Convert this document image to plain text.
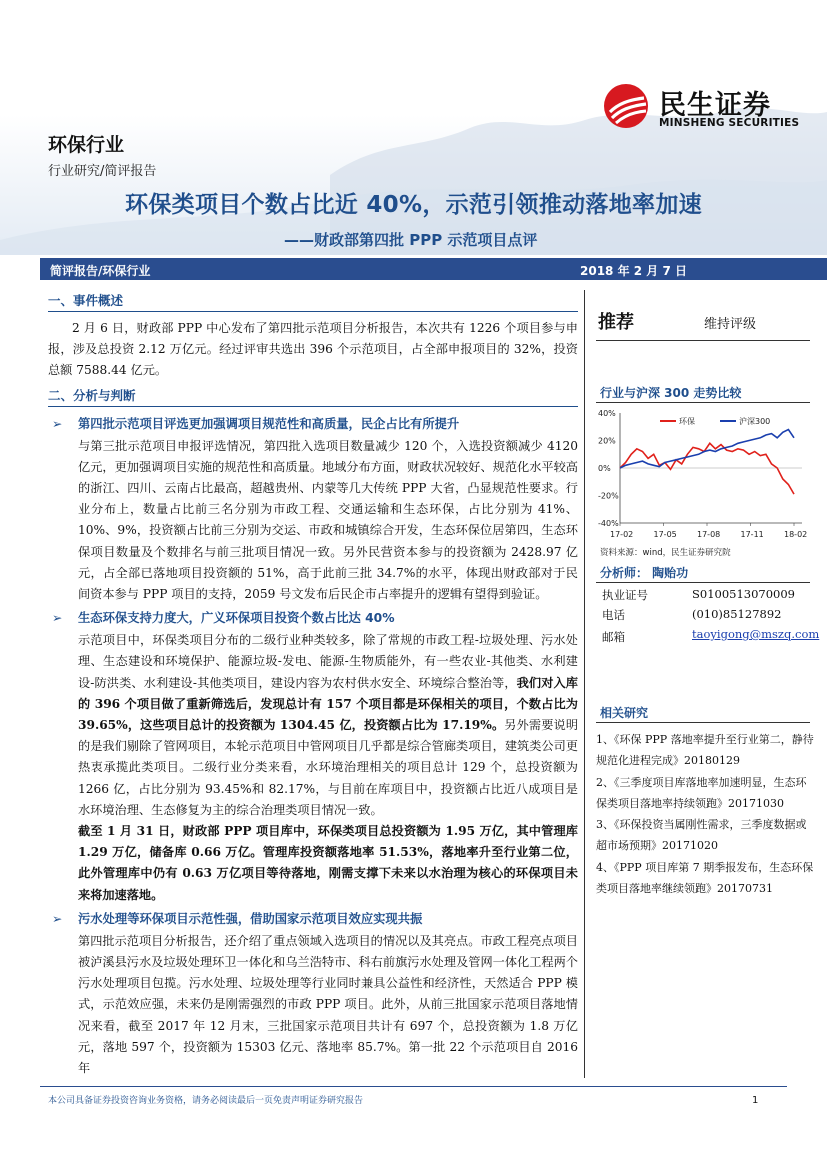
民生证券
MINSHENG SECURITIES
环保行业
行业研究/简评报告
环保类项目个数占比近 40%，示范引领推动落地率加速
——财政部第四批 PPP 示范项目点评
简评报告/环保行业	2018 年 2 月 7 日
一、事件概述
2 月 6 日，财政部 PPP 中心发布了第四批示范项目分析报告，本次共有 1226 个项目参与申报，涉及总投资 2.12 万亿元。经过评审共选出 396 个示范项目，占全部申报项目的 32%，投资总额 7588.44 亿元。
二、分析与判断
➢ 第四批示范项目评选更加强调项目规范性和高质量，民企占比有所提升
与第三批示范项目申报评选情况，第四批入选项目数量减少 120 个，入选投资额减少 4120 亿元，更加强调项目实施的规范性和高质量。地域分布方面，财政状况较好、规范化水平较高的浙江、四川、云南占比最高，超越贵州、内蒙等几大传统 PPP 大省，凸显规范性要求。行业分布上，数量占比前三名分别为市政工程、交通运输和生态环保，占比分别为 41%、10%、9%，投资额占比前三分别为交运、市政和城镇综合开发，生态环保位居第四，生态环保项目数量及个数排名与前三批项目情况一致。另外民营资本参与的投资额为 2428.97 亿元，占全部已落地项目投资额的 51%，高于此前三批 34.7%的水平，体现出财政部对于民间资本参与 PPP 项目的支持，2059 号文发布后民企市占率提升的逻辑有望得到验证。
➢ 生态环保支持力度大，广义环保项目投资个数占比达 40%
示范项目中，环保类项目分布的二级行业种类较多，除了常规的市政工程-垃圾处理、污水处理、生态建设和环境保护、能源垃圾-发电、能源-生物质能外，有一些农业-其他类、水利建设-防洪类、水利建设-其他类项目，建设内容为农村供水安全、环境综合整治等，我们对入库的 396 个项目做了重新筛选后，发现总计有 157 个项目都是环保相关的项目，个数占比为 39.65%，这些项目总计的投资额为 1304.45 亿，投资额占比为 17.19%。另外需要说明的是我们剔除了管网项目，本轮示范项目中管网项目几乎都是综合管廊类项目，建筑类公司更热衷承揽此类项目。二级行业分类来看，水环境治理相关的项目总计 129 个，总投资额为 1266 亿，占比分别为 93.45%和 82.17%，与目前在库项目中，投资额占比近八成项目是水环境治理、生态修复为主的综合治理类项目情况一致。
截至 1 月 31 日，财政部 PPP 项目库中，环保类项目总投资额为 1.95 万亿，其中管理库 1.29 万亿，储备库 0.66 万亿。管理库投资额落地率 51.53%，落地率升至行业第二位，此外管理库中仍有 0.63 万亿项目等待落地，刚需支撑下未来以水治理为核心的环保项目未来将加速落地。
➢ 污水处理等环保项目示范性强，借助国家示范项目效应实现共振
第四批示范项目分析报告，还介绍了重点领域入选项目的情况以及其亮点。市政工程亮点项目被泸溪县污水及垃圾处理环卫一体化和乌兰浩特市、科右前旗污水处理及管网一体化工程两个污水处理项目包揽。污水处理、垃圾处理等行业同时兼具公益性和经济性，天然适合 PPP 模式，示范效应强，未来仍是刚需强烈的市政 PPP 项目。此外，从前三批国家示范项目落地情况来看，截至 2017 年 12 月末，三批国家示范项目共计有 697 个，总投资额为 1.8 万亿元，落地 597 个，投资额为 15303 亿元、落地率 85.7%。第一批 22 个示范项目自 2016 年
推荐	维持评级
行业与沪深 300 走势比较
40%
20%
0%
-20%
-40%
17-02	17-05	17-08	17-11	18-02
环保	沪深300
资料来源：wind，民生证券研究院
分析师： 陶贻功
执业证号	S0100513070009
电话	(010)85127892
邮箱	taoyigong@mszq.com
相关研究
1、《环保 PPP 落地率提升至行业第二，静待规范化进程完成》20180129
2、《三季度项目库落地率加速明显，生态环保类项目落地率持续领跑》20171030
3、《环保投资当属刚性需求，三季度数据或超市场预期》20171020
4、《PPP 项目库第 7 期季报发布，生态环保类项目落地率继续领跑》20170731
本公司具备证券投资咨询业务资格，请务必阅读最后一页免责声明证券研究报告	1
